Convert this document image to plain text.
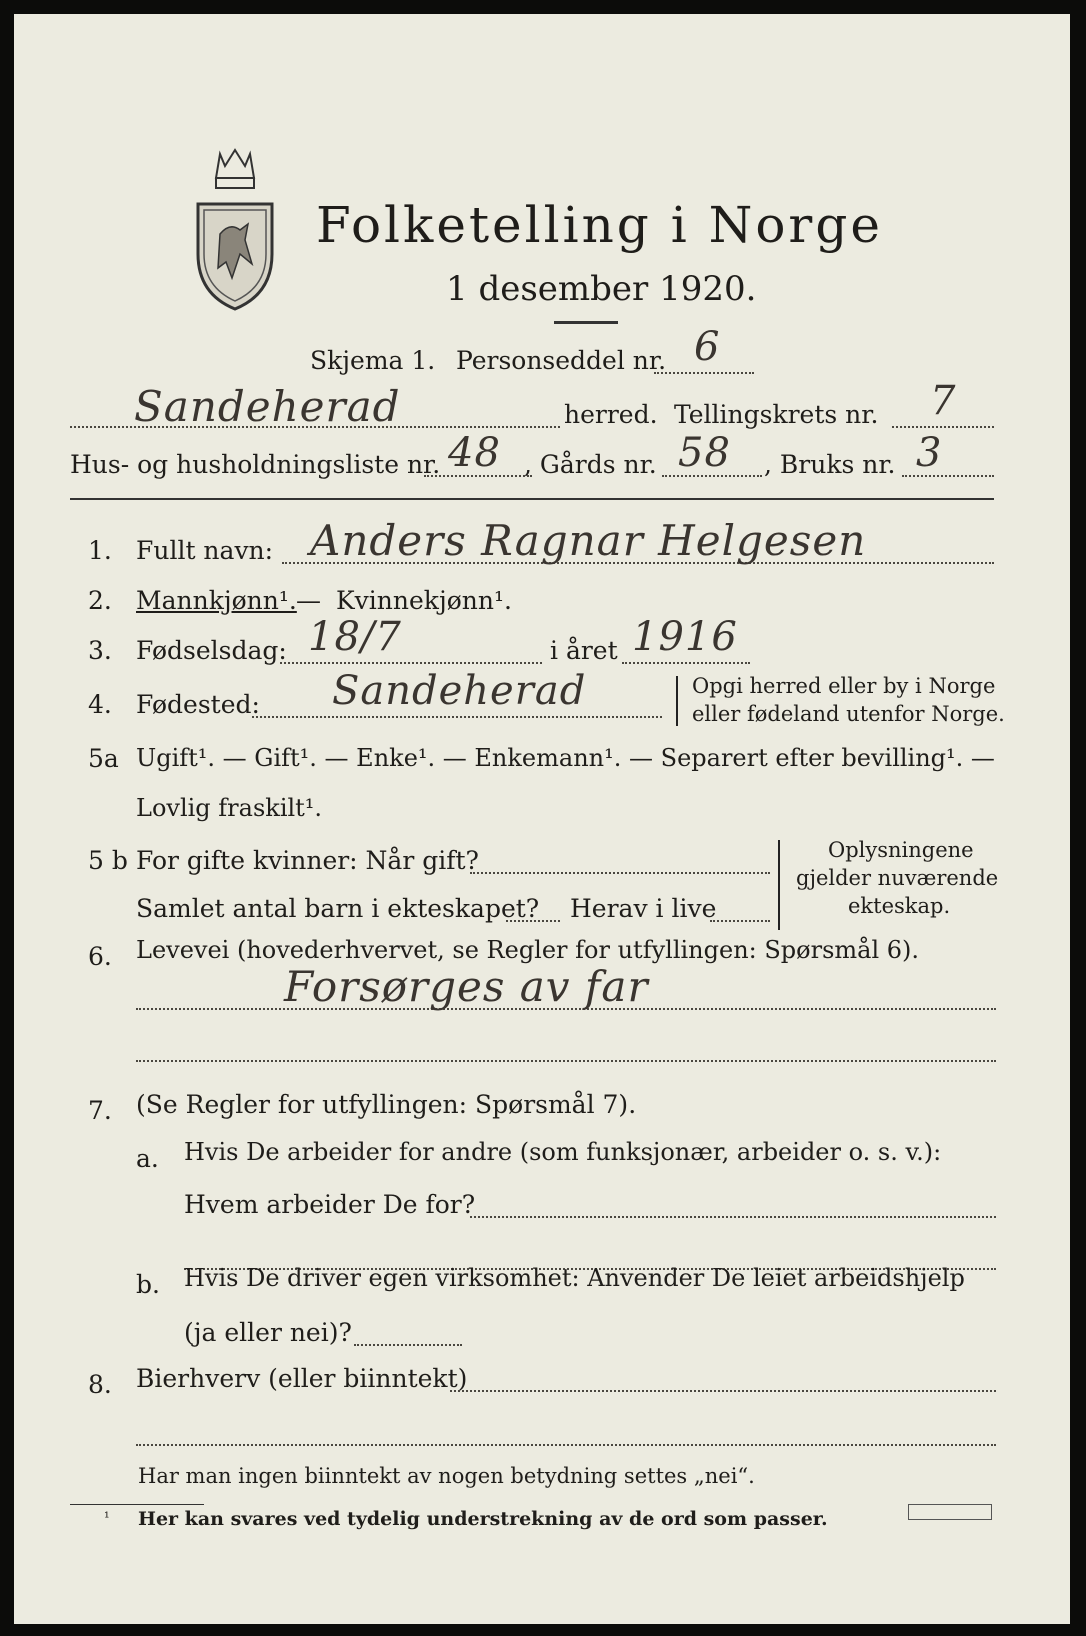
Folketelling i Norge
1 desember 1920.
Skjema 1. Personseddel nr. 6
Sandeherad	herred. Tellingskrets nr. 7
Hus- og husholdningsliste nr. 48 , Gårds nr. 58 , Bruks nr. 3
1. Fullt navn: Anders Ragnar Helgesen
2. Mannkjønn¹. — Kvinnekjønn¹.
3. Fødselsdag: 18/7	i året 1916
4. Fødested: Sandeherad	Opgi herred eller by i Norge
eller fødeland utenfor Norge.
5a Ugift¹. — Gift¹. — Enke¹. — Enkemann¹. — Separert efter bevilling¹. —
Lovlig fraskilt¹.
5 b For gifte kvinner: Når gift?
Samlet antal barn i ekteskapet? Herav i live
Oplysningene
gjelder nuværende
ekteskap.
6. Levevei (hovederhvervet, se Regler for utfyllingen: Spørsmål 6).
Forsørges av far
7. (Se Regler for utfyllingen: Spørsmål 7).
a. Hvis De arbeider for andre (som funksjonær, arbeider o. s. v.):
Hvem arbeider De for?
b. Hvis De driver egen virksomhet: Anvender De leiet arbeidshjelp
(ja eller nei)?
8. Bierhverv (eller biinntekt)
Har man ingen biinntekt av nogen betydning settes „nei“.
¹ Her kan svares ved tydelig understrekning av de ord som passer.
